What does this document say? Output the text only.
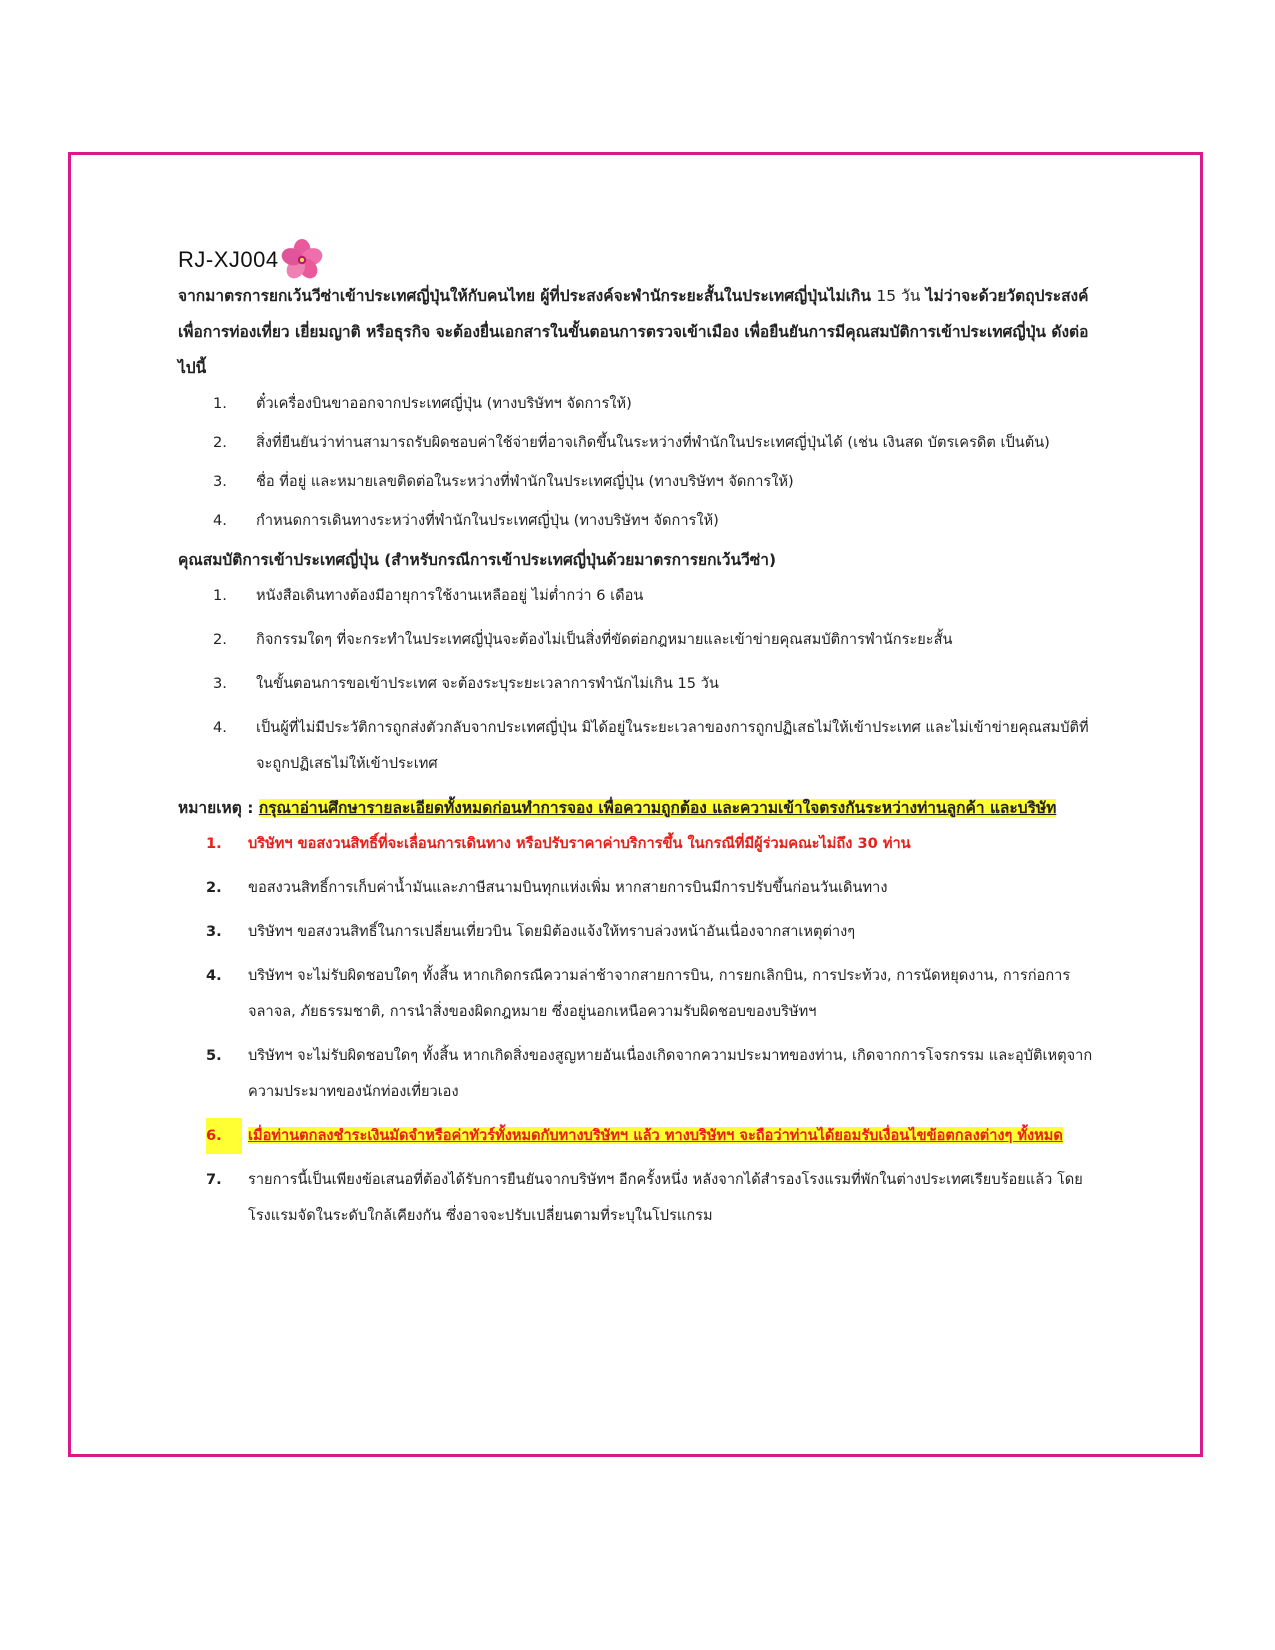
RJ-XJ004

จากมาตรการยกเว้นวีซ่าเข้าประเทศญี่ปุ่นให้กับคนไทย ผู้ที่ประสงค์จะพำนักระยะสั้นในประเทศญี่ปุ่นไม่เกิน 15 วัน ไม่ว่าจะด้วยวัตถุประสงค์เพื่อการท่องเที่ยว เยี่ยมญาติ หรือธุรกิจ จะต้องยื่นเอกสารในขั้นตอนการตรวจเข้าเมือง เพื่อยืนยันการมีคุณสมบัติการเข้าประเทศญี่ปุ่น ดังต่อไปนี้

1.	ตั๋วเครื่องบินขาออกจากประเทศญี่ปุ่น (ทางบริษัทฯ จัดการให้)
2.	สิ่งที่ยืนยันว่าท่านสามารถรับผิดชอบค่าใช้จ่ายที่อาจเกิดขึ้นในระหว่างที่พำนักในประเทศญี่ปุ่นได้ (เช่น เงินสด บัตรเครดิต เป็นต้น)
3.	ชื่อ ที่อยู่ และหมายเลขติดต่อในระหว่างที่พำนักในประเทศญี่ปุ่น (ทางบริษัทฯ จัดการให้)
4.	กำหนดการเดินทางระหว่างที่พำนักในประเทศญี่ปุ่น (ทางบริษัทฯ จัดการให้)

คุณสมบัติการเข้าประเทศญี่ปุ่น (สำหรับกรณีการเข้าประเทศญี่ปุ่นด้วยมาตรการยกเว้นวีซ่า)

1.	หนังสือเดินทางต้องมีอายุการใช้งานเหลืออยู่ ไม่ต่ำกว่า 6 เดือน
2.	กิจกรรมใดๆ ที่จะกระทำในประเทศญี่ปุ่นจะต้องไม่เป็นสิ่งที่ขัดต่อกฎหมายและเข้าข่ายคุณสมบัติการพำนักระยะสั้น
3.	ในขั้นตอนการขอเข้าประเทศ จะต้องระบุระยะเวลาการพำนักไม่เกิน 15 วัน
4.	เป็นผู้ที่ไม่มีประวัติการถูกส่งตัวกลับจากประเทศญี่ปุ่น มิได้อยู่ในระยะเวลาของการถูกปฏิเสธไม่ให้เข้าประเทศ และไม่เข้าข่ายคุณสมบัติที่จะถูกปฏิเสธไม่ให้เข้าประเทศ

หมายเหตุ : กรุณาอ่านศึกษารายละเอียดทั้งหมดก่อนทำการจอง เพื่อความถูกต้อง และความเข้าใจตรงกันระหว่างท่านลูกค้า และบริษัท

1.	บริษัทฯ ขอสงวนสิทธิ์ที่จะเลื่อนการเดินทาง หรือปรับราคาค่าบริการขึ้น ในกรณีที่มีผู้ร่วมคณะไม่ถึง 30 ท่าน
2.	ขอสงวนสิทธิ์การเก็บค่าน้ำมันและภาษีสนามบินทุกแห่งเพิ่ม หากสายการบินมีการปรับขึ้นก่อนวันเดินทาง
3.	บริษัทฯ ขอสงวนสิทธิ์ในการเปลี่ยนเที่ยวบิน โดยมิต้องแจ้งให้ทราบล่วงหน้าอันเนื่องจากสาเหตุต่างๆ
4.	บริษัทฯ จะไม่รับผิดชอบใดๆ ทั้งสิ้น หากเกิดกรณีความล่าช้าจากสายการบิน, การยกเลิกบิน, การประท้วง, การนัดหยุดงาน, การก่อการจลาจล, ภัยธรรมชาติ, การนำสิ่งของผิดกฎหมาย ซึ่งอยู่นอกเหนือความรับผิดชอบของบริษัทฯ
5.	บริษัทฯ จะไม่รับผิดชอบใดๆ ทั้งสิ้น หากเกิดสิ่งของสูญหายอันเนื่องเกิดจากความประมาทของท่าน, เกิดจากการโจรกรรม และอุบัติเหตุจากความประมาทของนักท่องเที่ยวเอง
6.	เมื่อท่านตกลงชำระเงินมัดจำหรือค่าทัวร์ทั้งหมดกับทางบริษัทฯ แล้ว ทางบริษัทฯ จะถือว่าท่านได้ยอมรับเงื่อนไขข้อตกลงต่างๆ ทั้งหมด
7.	รายการนี้เป็นเพียงข้อเสนอที่ต้องได้รับการยืนยันจากบริษัทฯ อีกครั้งหนึ่ง หลังจากได้สำรองโรงแรมที่พักในต่างประเทศเรียบร้อยแล้ว โดยโรงแรมจัดในระดับใกล้เคียงกัน ซึ่งอาจจะปรับเปลี่ยนตามที่ระบุในโปรแกรม
